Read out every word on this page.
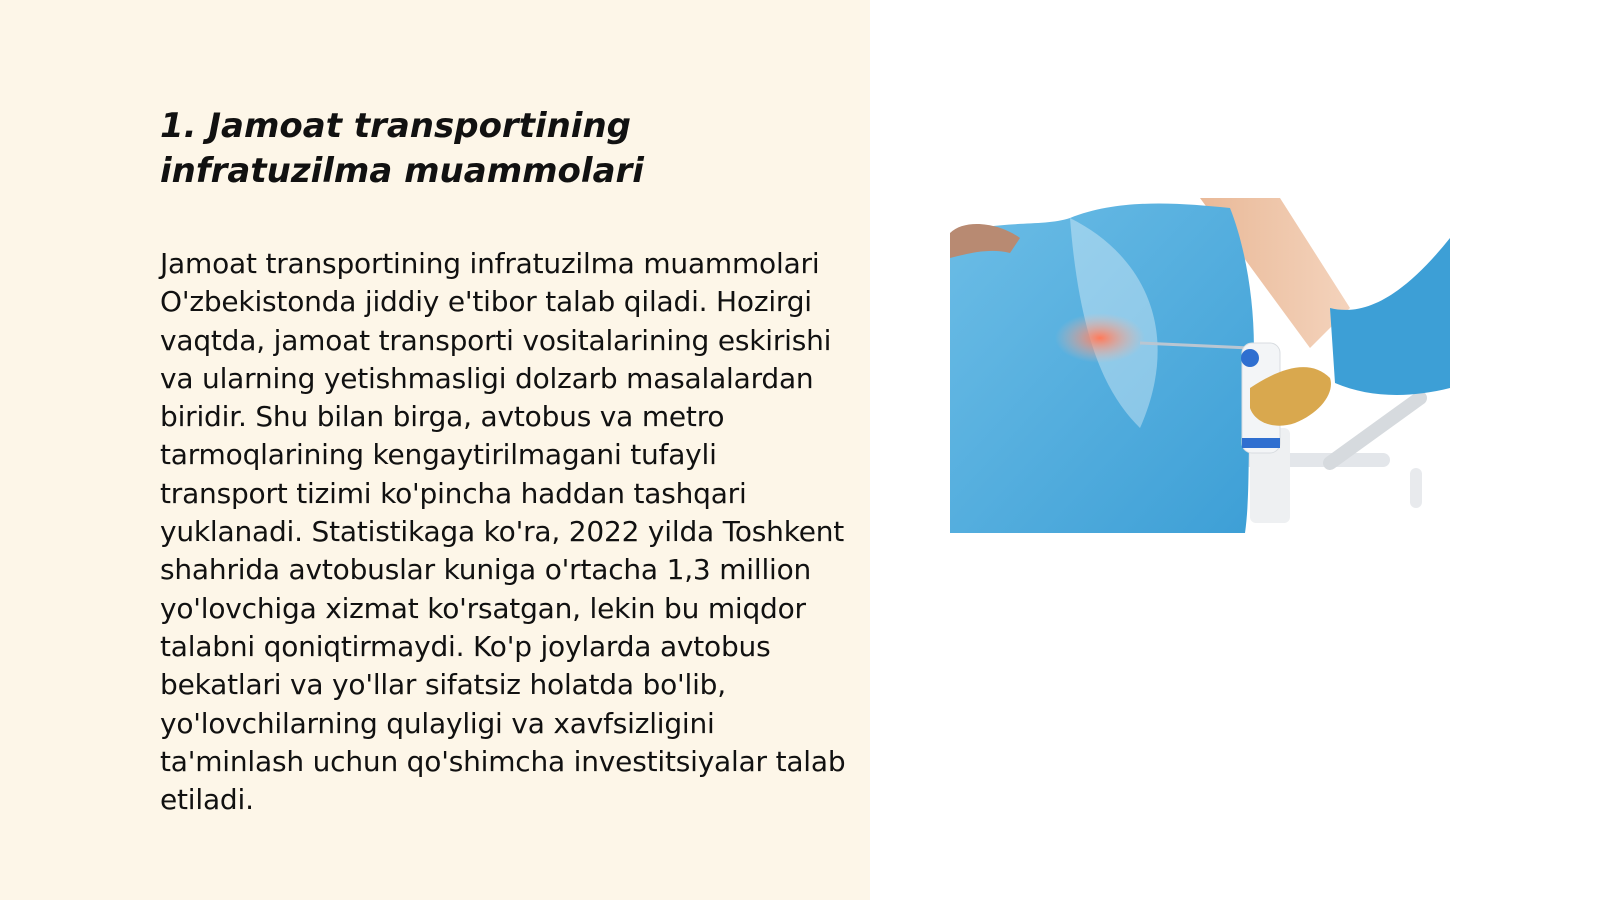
1. Jamoat transportining infratuzilma muammolari

Jamoat transportining infratuzilma muammolari O'zbekistonda jiddiy e'tibor talab qiladi. Hozirgi vaqtda, jamoat transporti vositalarining eskirishi va ularning yetishmasligi dolzarb masalalardan biridir. Shu bilan birga, avtobus va metro tarmoqlarining kengaytirilmagani tufayli transport tizimi ko'pincha haddan tashqari yuklanadi. Statistikaga ko'ra, 2022 yilda Toshkent shahrida avtobuslar kuniga o'rtacha 1,3 million yo'lovchiga xizmat ko'rsatgan, lekin bu miqdor talabni qoniqtirmaydi. Ko'p joylarda avtobus bekatlari va yo'llar sifatsiz holatda bo'lib, yo'lovchilarning qulayligi va xavfsizligini ta'minlash uchun qo'shimcha investitsiyalar talab etiladi.
